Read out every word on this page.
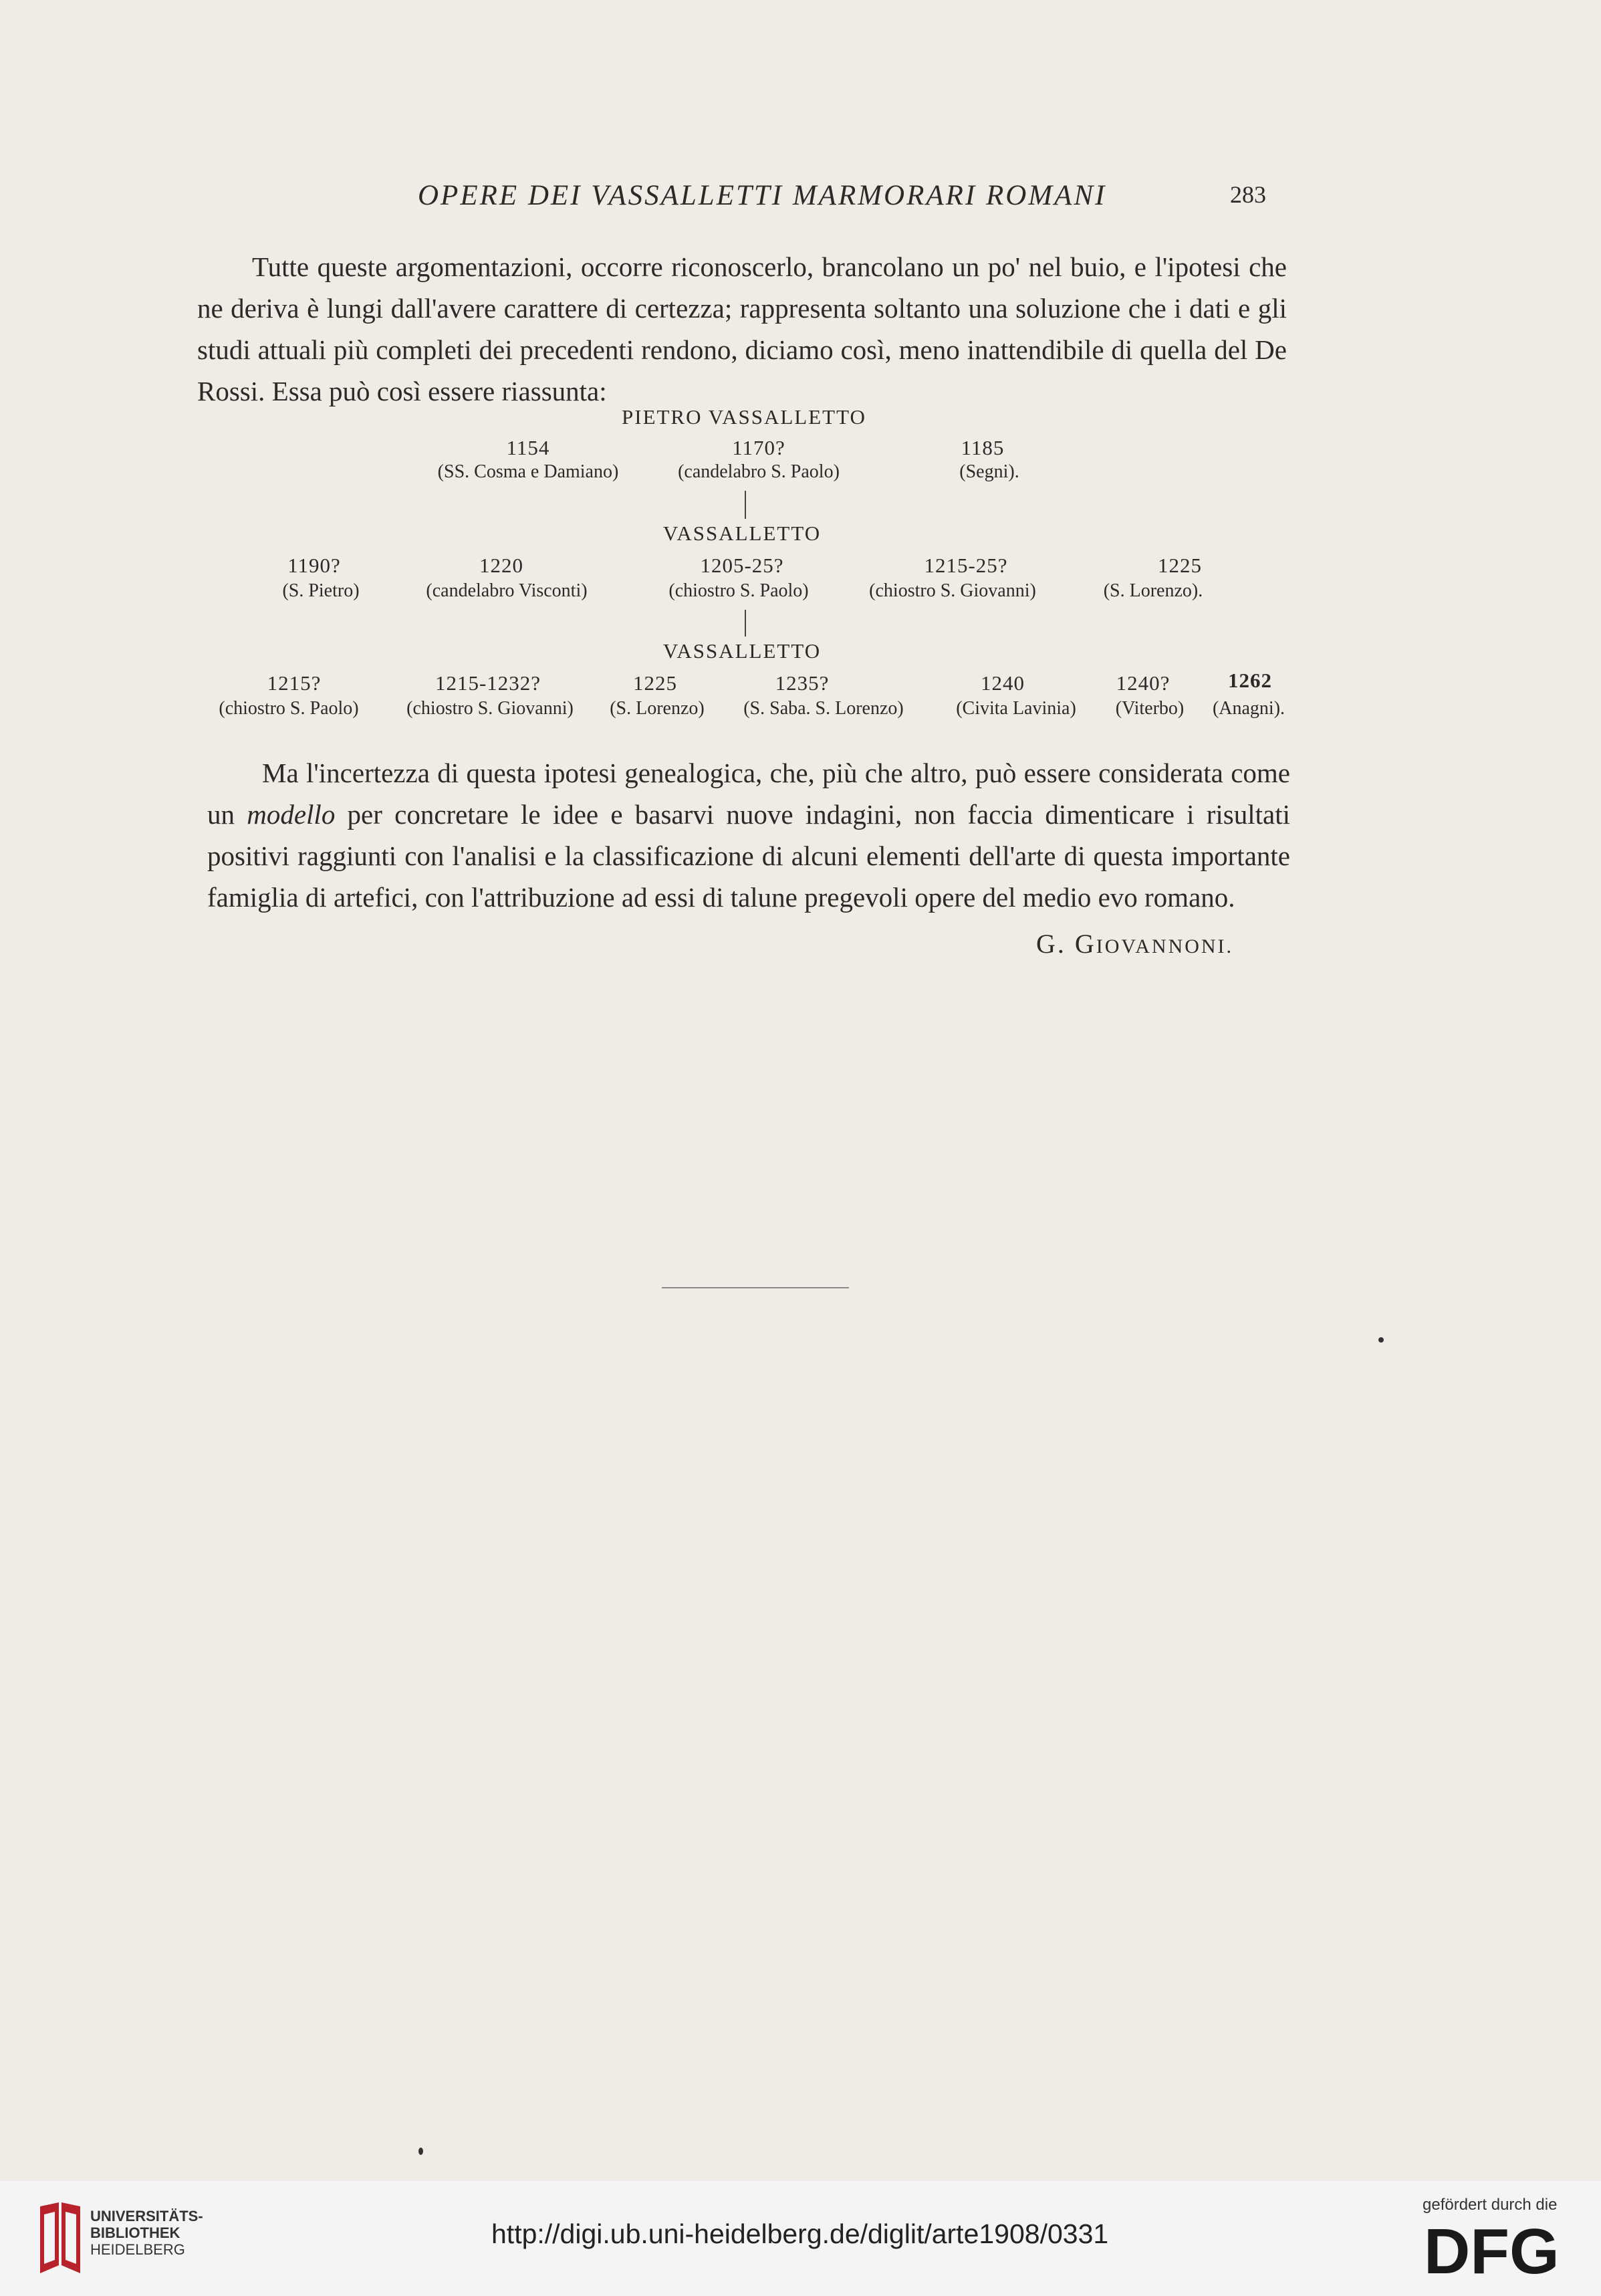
OPERE DEI VASSALLETTI MARMORARI ROMANI	283
Tutte queste argomentazioni, occorre riconoscerlo, brancolano un po' nel buio, e l'ipotesi che ne deriva è lungi dall'avere carattere di certezza; rappresenta soltanto una soluzione che i dati e gli studi attuali più completi dei precedenti rendono, diciamo così, meno inattendibile di quella del De Rossi. Essa può così essere riassunta:
PIETRO VASSALLETTO
1154
(SS. Cosma e Damiano)
1170?
(candelabro S. Paolo)
1185
(Segni).
VASSALLETTO
1190?
(S. Pietro)
1220
(candelabro Visconti)
1205-25?
(chiostro S. Paolo)
1215-25?
(chiostro S. Giovanni)
1225
(S. Lorenzo).
VASSALLETTO
1215?
(chiostro S. Paolo)
1215-1232?
(chiostro S. Giovanni)
1225
(S. Lorenzo)
1235?
(S. Saba. S. Lorenzo)
1240
(Civita Lavinia)
1240?
(Viterbo)
1262
(Anagni).
Ma l'incertezza di questa ipotesi genealogica, che, più che altro, può essere considerata come un modello per concretare le idee e basarvi nuove indagini, non faccia dimenticare i risultati positivi raggiunti con l'analisi e la classificazione di alcuni elementi dell'arte di questa importante famiglia di artefici, con l'attribuzione ad essi di talune pregevoli opere del medio evo romano.
G. GIOVANNONI.
UNIVERSITÄTS-
BIBLIOTHEK
HEIDELBERG
http://digi.ub.uni-heidelberg.de/diglit/arte1908/0331
gefördert durch die
DFG
